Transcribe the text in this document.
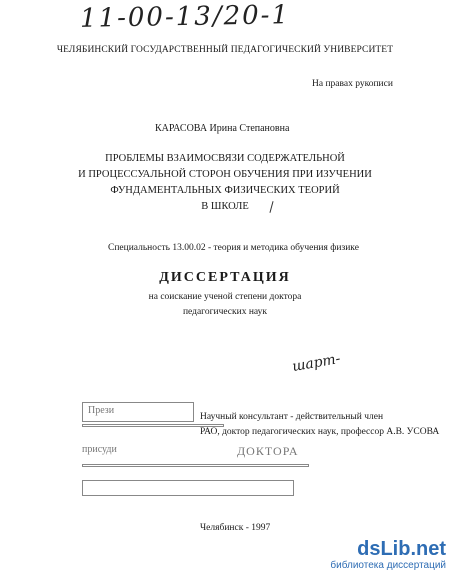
11-00-13/20-1
ЧЕЛЯБИНСКИЙ ГОСУДАРСТВЕННЫЙ ПЕДАГОГИЧЕСКИЙ УНИВЕРСИТЕТ
На правах рукописи
КАРАСОВА Ирина Степановна
ПРОБЛЕМЫ ВЗАИМОСВЯЗИ СОДЕРЖАТЕЛЬНОЙ
И ПРОЦЕССУАЛЬНОЙ СТОРОН ОБУЧЕНИЯ ПРИ ИЗУЧЕНИИ
ФУНДАМЕНТАЛЬНЫХ ФИЗИЧЕСКИХ ТЕОРИЙ
В ШКОЛЕ
Специальность 13.00.02 - теория и методика обучения физике
ДИССЕРТАЦИЯ
на соискание ученой степени доктора
педагогических наук
шарт-
Прези
присуди	ДОКТОРА
Научный консультант - действительный член
РАО, доктор педагогических наук, профессор А.В. УСОВА
Челябинск - 1997
dsLib.net
библиотека диссертаций
